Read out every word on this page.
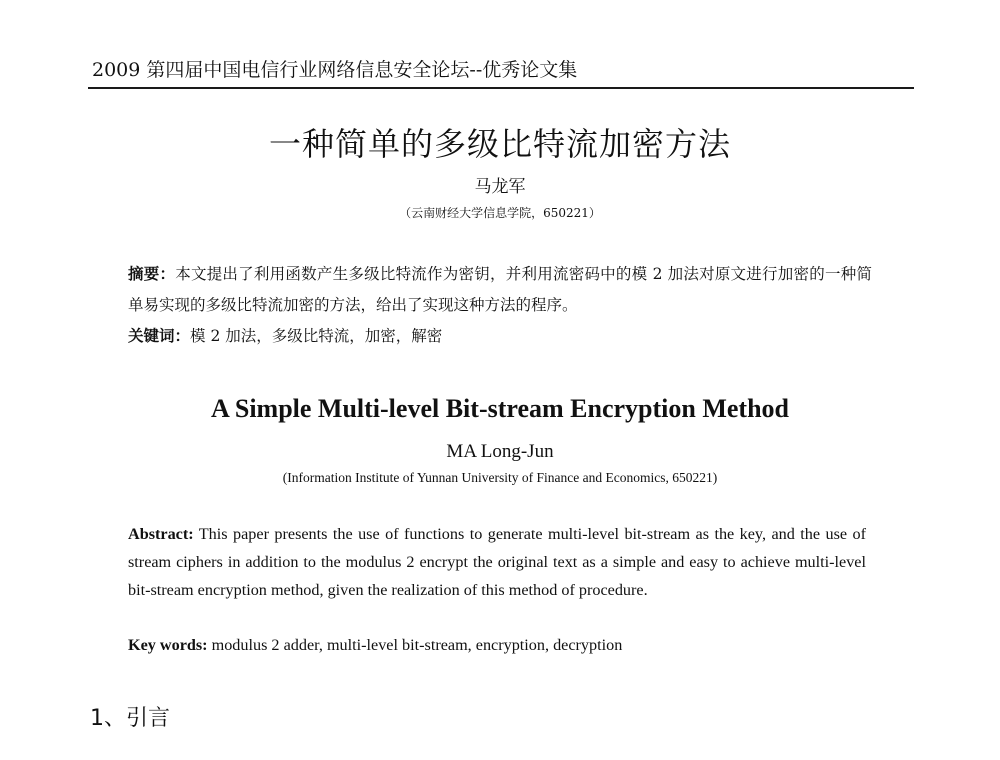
2009 第四届中国电信行业网络信息安全论坛--优秀论文集
一种简单的多级比特流加密方法
马龙军
（云南财经大学信息学院，650221）
摘要：本文提出了利用函数产生多级比特流作为密钥，并利用流密码中的模 2 加法对原文进行加密的一种简单易实现的多级比特流加密的方法，给出了实现这种方法的程序。
关键词：模 2 加法，多级比特流，加密，解密
A Simple Multi-level Bit-stream Encryption Method
MA Long-Jun
(Information Institute of Yunnan University of Finance and Economics, 650221)
Abstract: This paper presents the use of functions to generate multi-level bit-stream as the key, and the use of stream ciphers in addition to the modulus 2 encrypt the original text as a simple and easy to achieve multi-level bit-stream encryption method, given the realization of this method of procedure.
Key words: modulus 2 adder, multi-level bit-stream, encryption, decryption
1、引言
